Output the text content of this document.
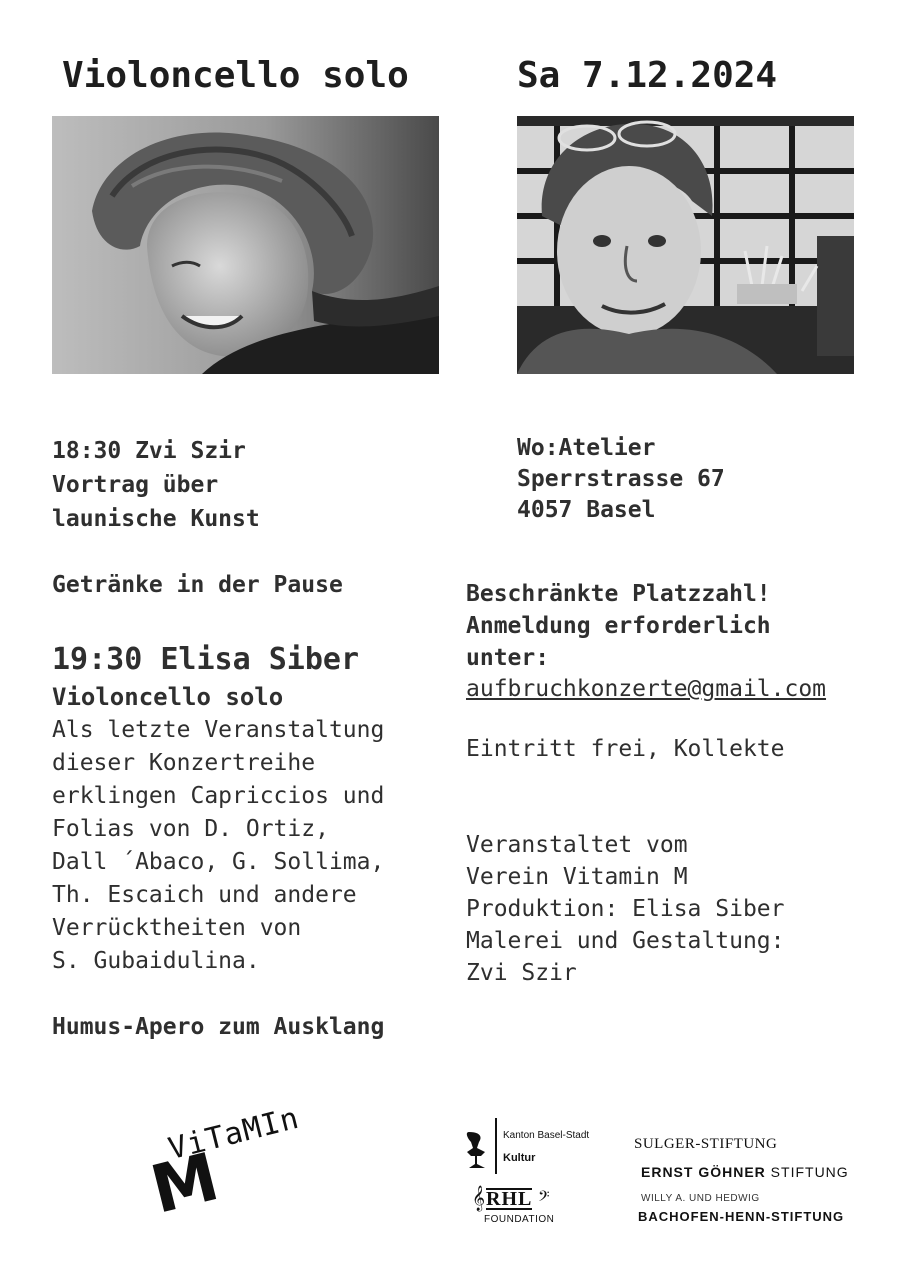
Violoncello solo	Sa 7.12.2024
18:30 Zvi Szir
Vortrag über
launische Kunst
Getränke in der Pause
19:30 Elisa Siber
Violoncello solo
Als letzte Veranstaltung
dieser Konzertreihe
erklingen Capriccios und
Folias von D. Ortiz,
Dall ´Abaco, G. Sollima,
Th. Escaich und andere
Verrücktheiten von
S. Gubaidulina.
Humus-Apero zum Ausklang
Wo:Atelier
Sperrstrasse 67
4057 Basel
Beschränkte Platzzahl!
Anmeldung erforderlich
unter:
aufbruchkonzerte@gmail.com
Eintritt frei, Kollekte
Veranstaltet vom
Verein Vitamin M
Produktion: Elisa Siber
Malerei und Gestaltung:
Zvi Szir
ViTaMIn
M
Kanton Basel-Stadt
Kultur
𝄞 RHL 𝄢
FOUNDATION
SULGER-STIFTUNG
ERNST GÖHNER STIFTUNG
WILLY A. UND HEDWIG
BACHOFEN-HENN-STIFTUNG
